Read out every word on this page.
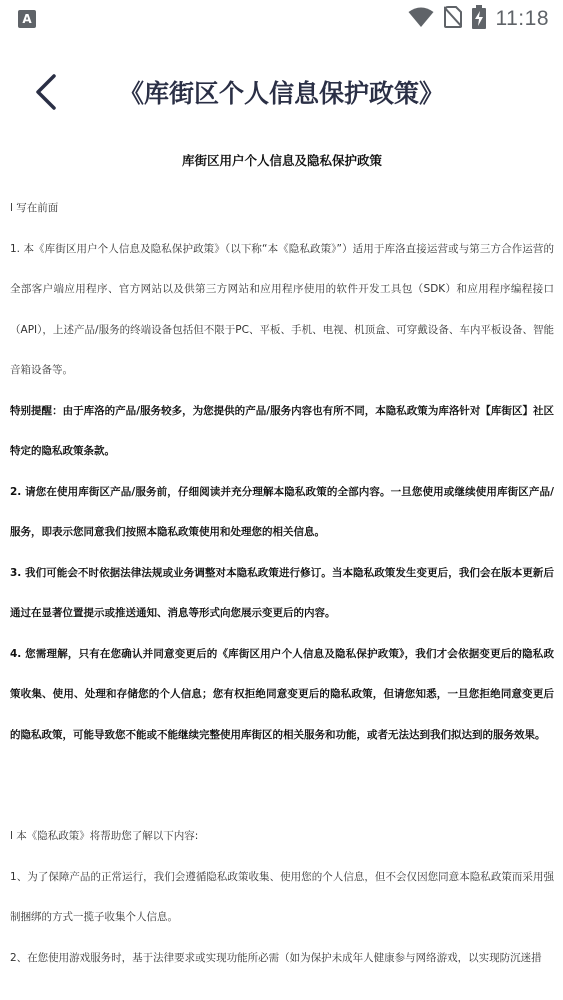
A	11:18
《库街区个人信息保护政策》
库街区用户个人信息及隐私保护政策

l 写在前面

1. 本《库街区用户个人信息及隐私保护政策》（以下称“本《隐私政策》”）适用于库洛直接运营或与第三方合作运营的全部客户端应用程序、官方网站以及供第三方网站和应用程序使用的软件开发工具包（SDK）和应用程序编程接口（API），上述产品/服务的终端设备包括但不限于PC、平板、手机、电视、机顶盒、可穿戴设备、车内平板设备、智能音箱设备等。

特别提醒：由于库洛的产品/服务较多，为您提供的产品/服务内容也有所不同，本隐私政策为库洛针对【库街区】社区特定的隐私政策条款。

2. 请您在使用库街区产品/服务前，仔细阅读并充分理解本隐私政策的全部内容。一旦您使用或继续使用库街区产品/服务，即表示您同意我们按照本隐私政策使用和处理您的相关信息。

3. 我们可能会不时依据法律法规或业务调整对本隐私政策进行修订。当本隐私政策发生变更后，我们会在版本更新后通过在显著位置提示或推送通知、消息等形式向您展示变更后的内容。

4. 您需理解，只有在您确认并同意变更后的《库街区用户个人信息及隐私保护政策》，我们才会依据变更后的隐私政策收集、使用、处理和存储您的个人信息；您有权拒绝同意变更后的隐私政策，但请您知悉，一旦您拒绝同意变更后的隐私政策，可能导致您不能或不能继续完整使用库街区的相关服务和功能，或者无法达到我们拟达到的服务效果。

l 本《隐私政策》将帮助您了解以下内容:

1、为了保障产品的正常运行，我们会遵循隐私政策收集、使用您的个人信息，但不会仅因您同意本隐私政策而采用强制捆绑的方式一揽子收集个人信息。

2、在您使用游戏服务时，基于法律要求或实现功能所必需（如为保护未成年人健康参与网络游戏，以实现防沉迷措
